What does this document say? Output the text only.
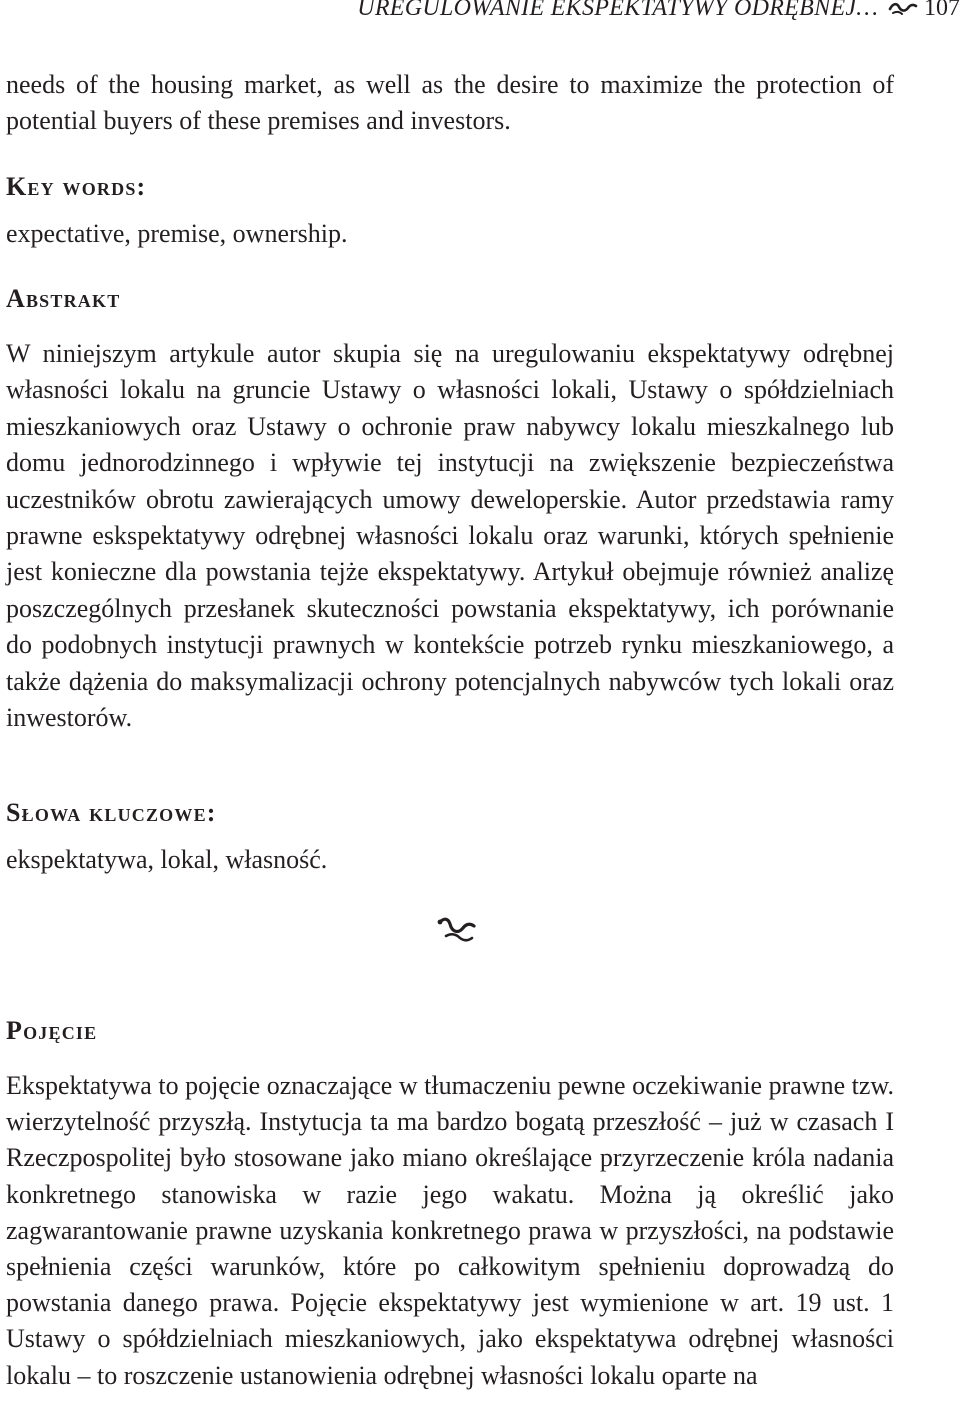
UREGULOWANIE EKSPEKTATYWY ODRĘBNEJ… 107

needs of the housing market, as well as the desire to maximize the protection of potential buyers of these premises and investors.

Key words:

expectative, premise, ownership.

Abstrakt

W niniejszym artykule autor skupia się na uregulowaniu ekspektatywy odrębnej własności lokalu na gruncie Ustawy o własności lokali, Ustawy o spółdzielniach mieszkaniowych oraz Ustawy o ochronie praw nabywcy lokalu mieszkalnego lub domu jednorodzinnego i wpływie tej instytucji na zwiększenie bezpieczeństwa uczestników obrotu zawierających umowy deweloperskie. Autor przedstawia ramy prawne eskspektatywy odrębnej własności lokalu oraz warunki, których spełnienie jest konieczne dla powstania tejże ekspektatywy. Artykuł obejmuje również analizę poszczególnych przesłanek skuteczności powstania ekspektatywy, ich porównanie do podobnych instytucji prawnych w kontekście potrzeb rynku mieszkaniowego, a także dążenia do maksymalizacji ochrony potencjalnych nabywców tych lokali oraz inwestorów.

Słowa kluczowe:

ekspektatywa, lokal, własność.

Pojęcie

Ekspektatywa to pojęcie oznaczające w tłumaczeniu pewne oczekiwanie prawne tzw. wierzytelność przyszłą. Instytucja ta ma bardzo bogatą przeszłość – już w czasach I Rzeczpospolitej było stosowane jako miano określające przyrzeczenie króla nadania konkretnego stanowiska w razie jego wakatu. Można ją określić jako zagwarantowanie prawne uzyskania konkretnego prawa w przyszłości, na podstawie spełnienia części warunków, które po całkowitym spełnieniu doprowadzą do powstania danego prawa. Pojęcie ekspektatywy jest wymienione w art. 19 ust. 1 Ustawy o spółdzielniach mieszkaniowych, jako ekspektatywa odrębnej własności lokalu – to roszczenie ustanowienia odrębnej własności lokalu oparte na
